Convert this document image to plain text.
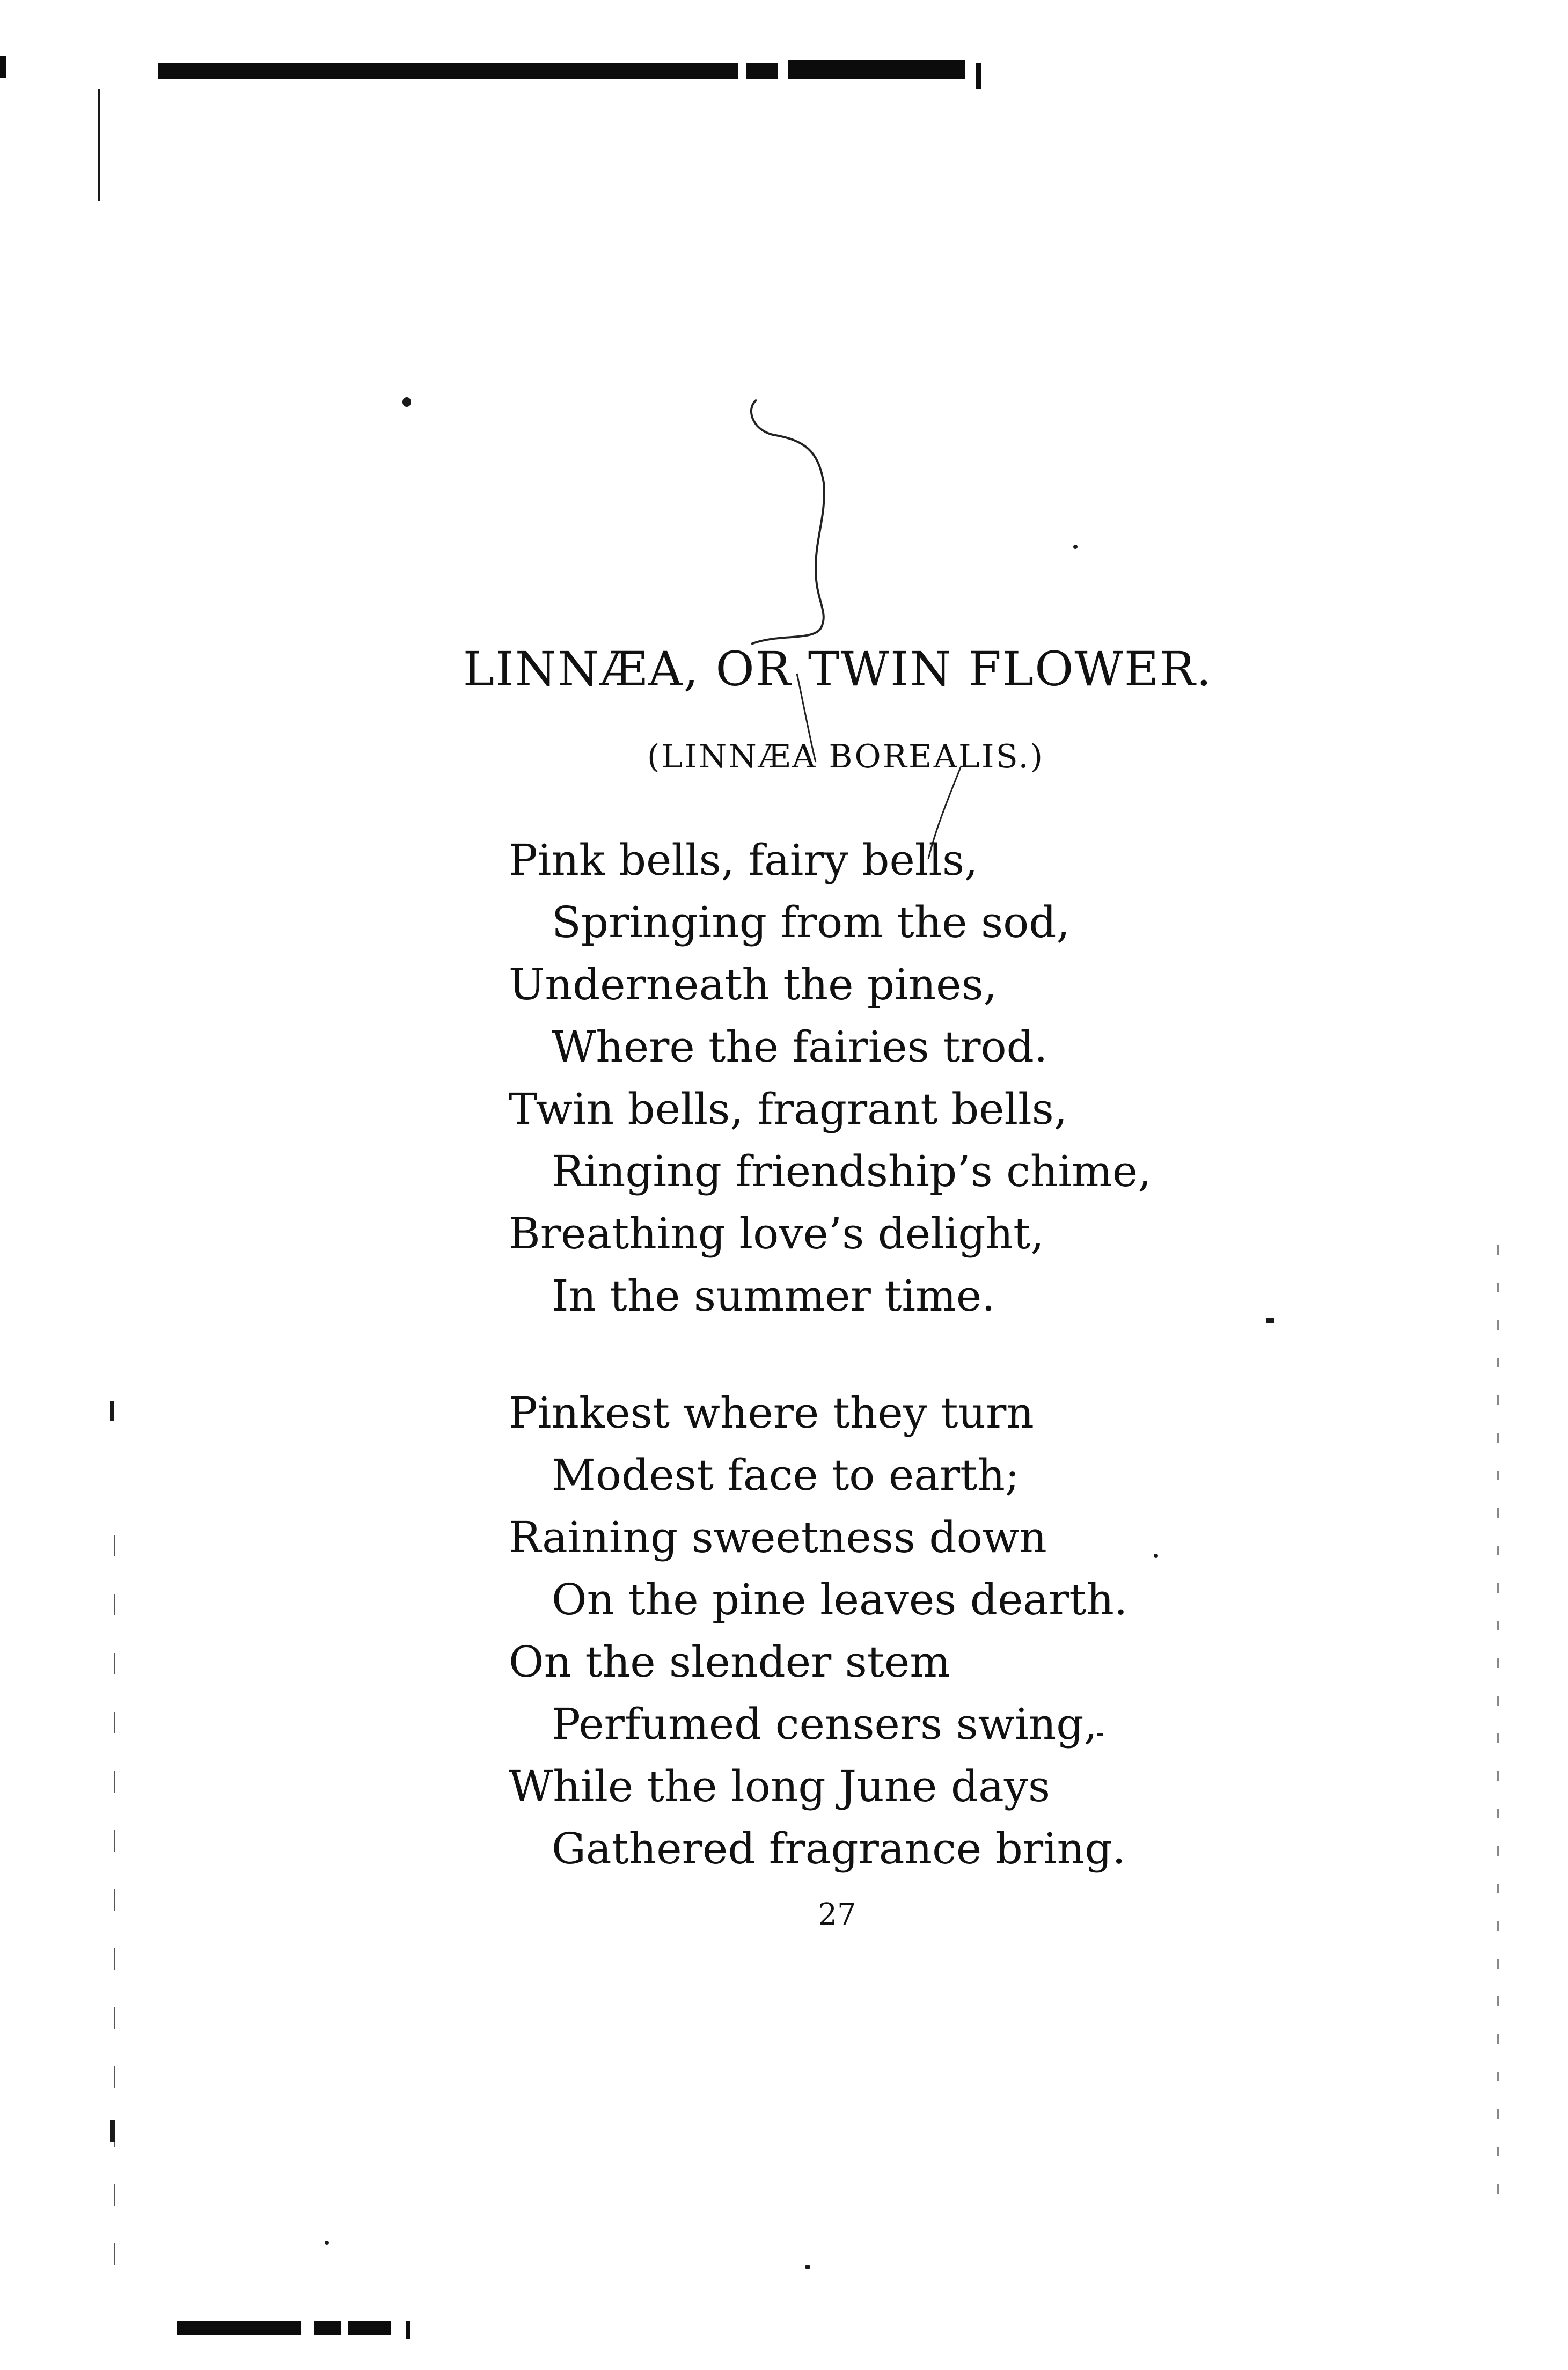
LINNÆA, OR TWIN FLOWER.
(LINNÆA BOREALIS.)
Pink bells, fairy bells,
Springing from the sod,
Underneath the pines,
Where the fairies trod.
Twin bells, fragrant bells,
Ringing friendship’s chime,
Breathing love’s delight,
In the summer time.
Pinkest where they turn
Modest face to earth;
Raining sweetness down
On the pine leaves dearth.
On the slender stem
Perfumed censers swing,
While the long June days
Gathered fragrance bring.
27
